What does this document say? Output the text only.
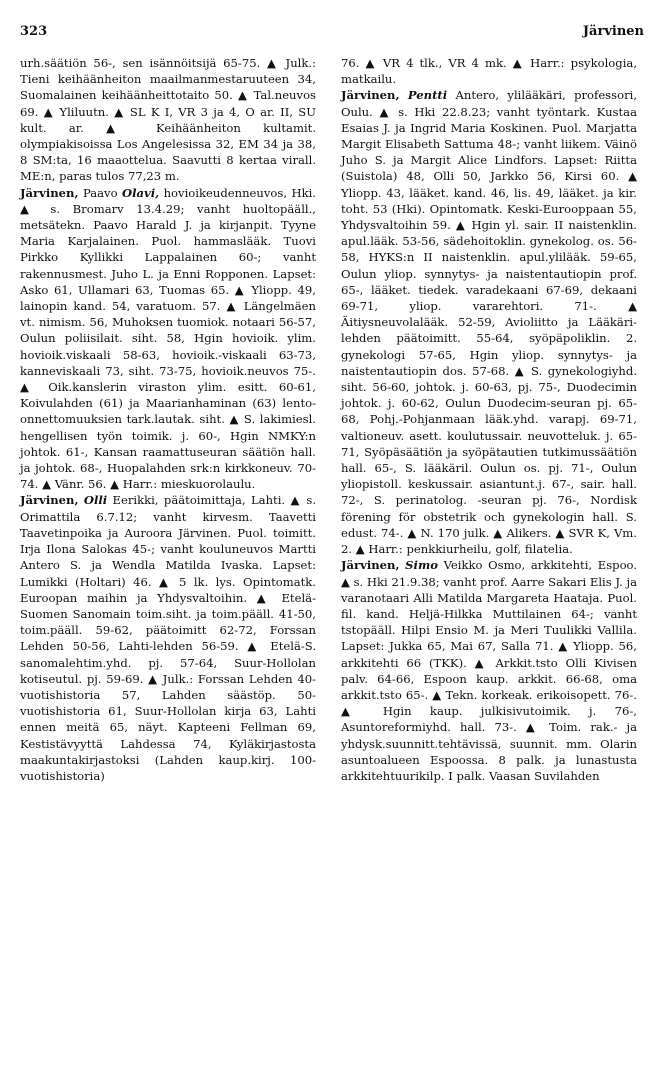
323	Järvinen

urh.säätiön 56-, sen isännöitsijä 65-75. ▲ Julk.: Tieni keihäänheiton maailmanmestaruuteen 34, Suomalainen keihäänheittotaito 50. ▲ Tal.neuvos 69. ▲ Yliluutn. ▲ SL K I, VR 3 ja 4, O ar. II, SU kult. ar. ▲ Keihäänheiton kultamit. olympiakisoissa Los Angelesissa 32, EM 34 ja 38, 8 SM:ta, 16 maaottelua. Saavutti 8 kertaa virall. ME:n, paras tulos 77,23 m.

Järvinen, Paavo Olavi, hovioikeudenneuvos, Hki. ▲ s. Bromarv 13.4.29; vanht huoltopääll., metsätekn. Paavo Harald J. ja kirjanpit. Tyyne Maria Karjalainen. Puol. hammaslääk. Tuovi Pirkko Kyllikki Lappalainen 60-; vanht rakennusmest. Juho L. ja Enni Ropponen. Lapset: Asko 61, Ullamari 63, Tuomas 65. ▲ Yliopp. 49, lainopin kand. 54, varatuom. 57. ▲ Längelmäen vt. nimism. 56, Muhoksen tuomiok. notaari 56-57, Oulun poliisilait. siht. 58, Hgin hovioik. ylim. hovioik.viskaali 58-63, hovioik.-viskaali 63-73, kanneviskaali 73, siht. 73-75, hovioik.neuvos 75-. ▲ Oik.kanslerin viraston ylim. esitt. 60-61, Koivulahden (61) ja Maarianhaminan (63) lento-onnettomuuksien tark.lautak. siht. ▲ S. lakimiesl. hengellisen työn toimik. j. 60-, Hgin NMKY:n johtok. 61-, Kansan raamattuseuran säätiön hall. ja johtok. 68-, Huopalahden srk:n kirkkoneuv. 70-74. ▲ Vänr. 56. ▲ Harr.: mieskuorolaulu.

Järvinen, Olli Eerikki, päätoimittaja, Lahti. ▲ s. Orimattila 6.7.12; vanht kirvesm. Taavetti Taavetinpoika ja Auroora Järvinen. Puol. toimitt. Irja Ilona Salokas 45-; vanht kouluneuvos Martti Antero S. ja Wendla Matilda Ivaska. Lapset: Lumikki (Holtari) 46. ▲ 5 lk. lys. Opintomatk. Euroopan maihin ja Yhdysvaltoihin. ▲ Etelä-Suomen Sanomain toim.siht. ja toim.pääll. 41-50, toim.pääll. 59-62, päätoimitt 62-72, Forssan Lehden 50-56, Lahti-lehden 56-59. ▲ Etelä-S. sanomalehtim.yhd. pj. 57-64, Suur-Hollolan kotiseutul. pj. 59-69. ▲ Julk.: Forssan Lehden 40-vuotishistoria 57, Lahden säästöp. 50-vuotishistoria 61, Suur-Hollolan kirja 63, Lahti ennen meitä 65, näyt. Kapteeni Fellman 69, Kestistävyyttä Lahdessa 74, Kyläkirjastosta maakuntakirjastoksi (Lahden kaup.kirj. 100-vuotishistoria)

76. ▲ VR 4 tlk., VR 4 mk. ▲ Harr.: psykologia, matkailu.

Järvinen, Pentti Antero, ylilääkäri, professori, Oulu. ▲ s. Hki 22.8.23; vanht työntark. Kustaa Esaias J. ja Ingrid Maria Koskinen. Puol. Marjatta Margit Elisabeth Sattuma 48-; vanht liikem. Väinö Juho S. ja Margit Alice Lindfors. Lapset: Riitta (Suistola) 48, Olli 50, Jarkko 56, Kirsi 60. ▲ Yliopp. 43, lääket. kand. 46, lis. 49, lääket. ja kir. toht. 53 (Hki). Opintomatk. Keski-Eurooppaan 55, Yhdysvaltoihin 59. ▲ Hgin yl. sair. II naistenklin. apul.lääk. 53-56, sädehoitoklin. gynekolog. os. 56-58, HYKS:n II naistenklin. apul.ylilääk. 59-65, Oulun yliop. synnytys- ja naistentautiopin prof. 65-, lääket. tiedek. varadekaani 67-69, dekaani 69-71, yliop. vararehtori. 71-. ▲ Äitiysneuvolalääk. 52-59, Avioliitto ja Lääkäri-lehden päätoimitt. 55-64, syöpäpoliklin. 2. gynekologi 57-65, Hgin yliop. synnytys- ja naistentautiopin dos. 57-68. ▲ S. gynekologiyhd. siht. 56-60, johtok. j. 60-63, pj. 75-, Duodecimin johtok. j. 60-62, Oulun Duodecim-seuran pj. 65-68, Pohj.-Pohjanmaan lääk.yhd. varapj. 69-71, valtioneuv. asett. koulutussair. neuvotteluk. j. 65-71, Syöpäsäätiön ja syöpätautien tutkimussäätiön hall. 65-, S. lääkäril. Oulun os. pj. 71-, Oulun yliopistoll. keskussair. asiantunt.j. 67-, sair. hall. 72-, S. perinatolog. -seuran pj. 76-, Nordisk förening för obstetrik och gynekologin hall. S. edust. 74-. ▲ N. 170 julk. ▲ Alikers. ▲ SVR K, Vm. 2. ▲ Harr.: penkkiurheilu, golf, filatelia.

Järvinen, Simo Veikko Osmo, arkkitehti, Espoo. ▲ s. Hki 21.9.38; vanht prof. Aarre Sakari Elis J. ja varanotaari Alli Matilda Margareta Haataja. Puol. fil. kand. Heljä-Hilkka Muttilainen 64-; vanht tstopääll. Hilpi Ensio M. ja Meri Tuulikki Vallila. Lapset: Jukka 65, Mai 67, Salla 71. ▲ Yliopp. 56, arkkitehti 66 (TKK). ▲ Arkkit.tsto Olli Kivisen palv. 64-66, Espoon kaup. arkkit. 66-68, oma arkkit.tsto 65-. ▲ Tekn. korkeak. erikoisopett. 76-. ▲ Hgin kaup. julkisivutoimik. j. 76-, Asuntoreformiyhd. hall. 73-. ▲ Toim. rak.- ja yhdysk.suunnitt.tehtävissä, suunnit. mm. Olarin asuntoalueen Espoossa. 8 palk. ja lunastusta arkkitehtuurikilp. I palk. Vaasan Suvilahden
